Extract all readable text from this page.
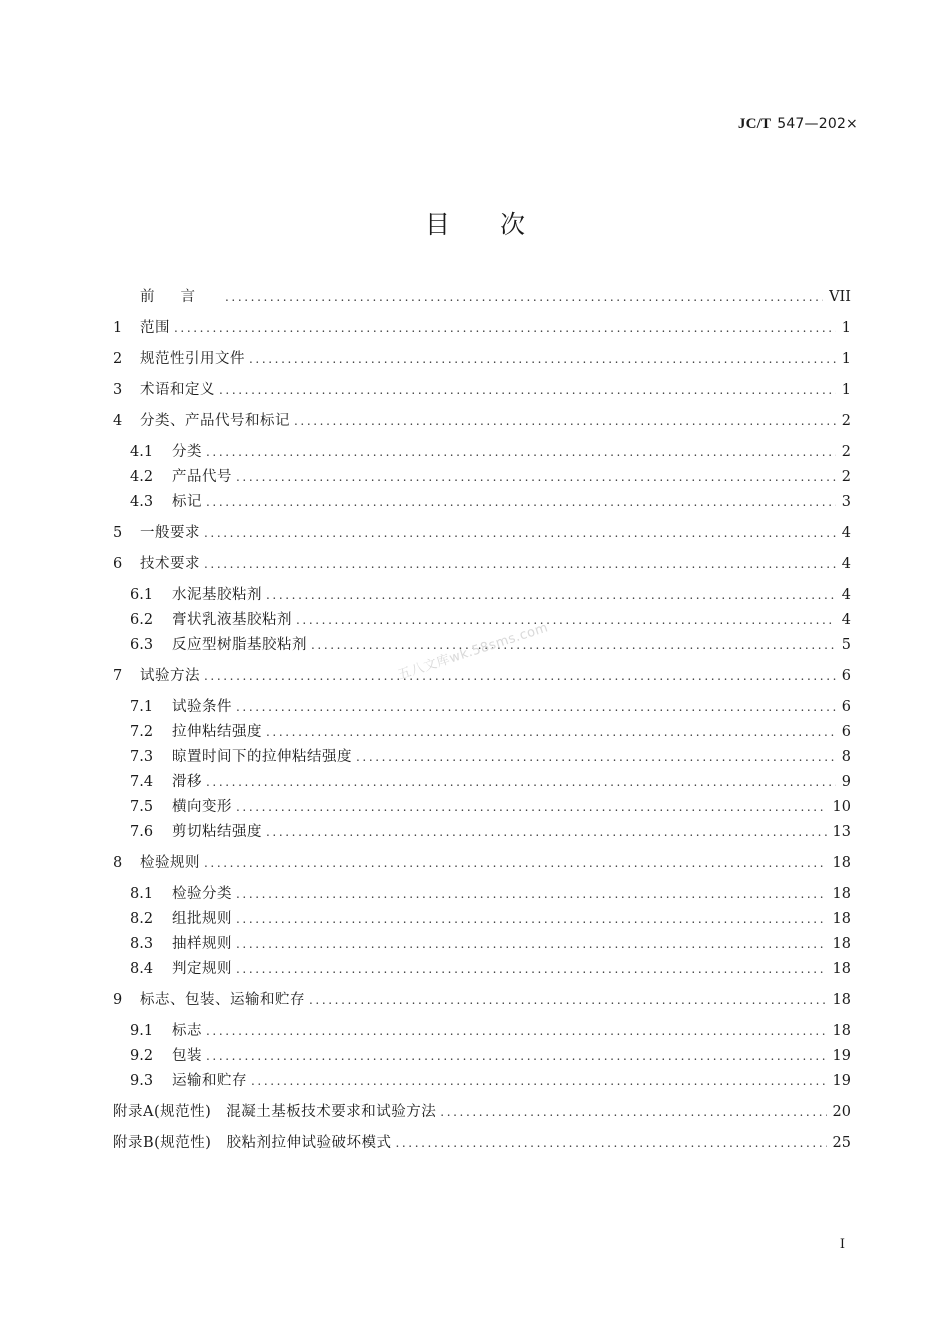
JC/T 547—202×
目次
前言 .....	VII
1	范围 .....	1
2	规范性引用文件 .....	1
3	术语和定义 .....	1
4	分类、产品代号和标记 .....	2
4.1	分类 .....	2
4.2	产品代号 .....	2
4.3	标记 .....	3
5	一般要求 .....	4
6	技术要求 .....	4
6.1	水泥基胶粘剂 .....	4
6.2	膏状乳液基胶粘剂 .....	4
6.3	反应型树脂基胶粘剂 .....	5
7	试验方法 .....	6
7.1	试验条件 .....	6
7.2	拉伸粘结强度 .....	6
7.3	晾置时间下的拉伸粘结强度 .....	8
7.4	滑移 .....	9
7.5	横向变形 .....	10
7.6	剪切粘结强度 .....	13
8	检验规则 .....	18
8.1	检验分类 .....	18
8.2	组批规则 .....	18
8.3	抽样规则 .....	18
8.4	判定规则 .....	18
9	标志、包装、运输和贮存 .....	18
9.1	标志 .....	18
9.2	包装 .....	19
9.3	运输和贮存 .....	19
附录A(规范性)　混凝土基板技术要求和试验方法 .....	20
附录B(规范性)　胶粘剂拉伸试验破坏模式 .....	25
五八文库wk.58sms.com
I
